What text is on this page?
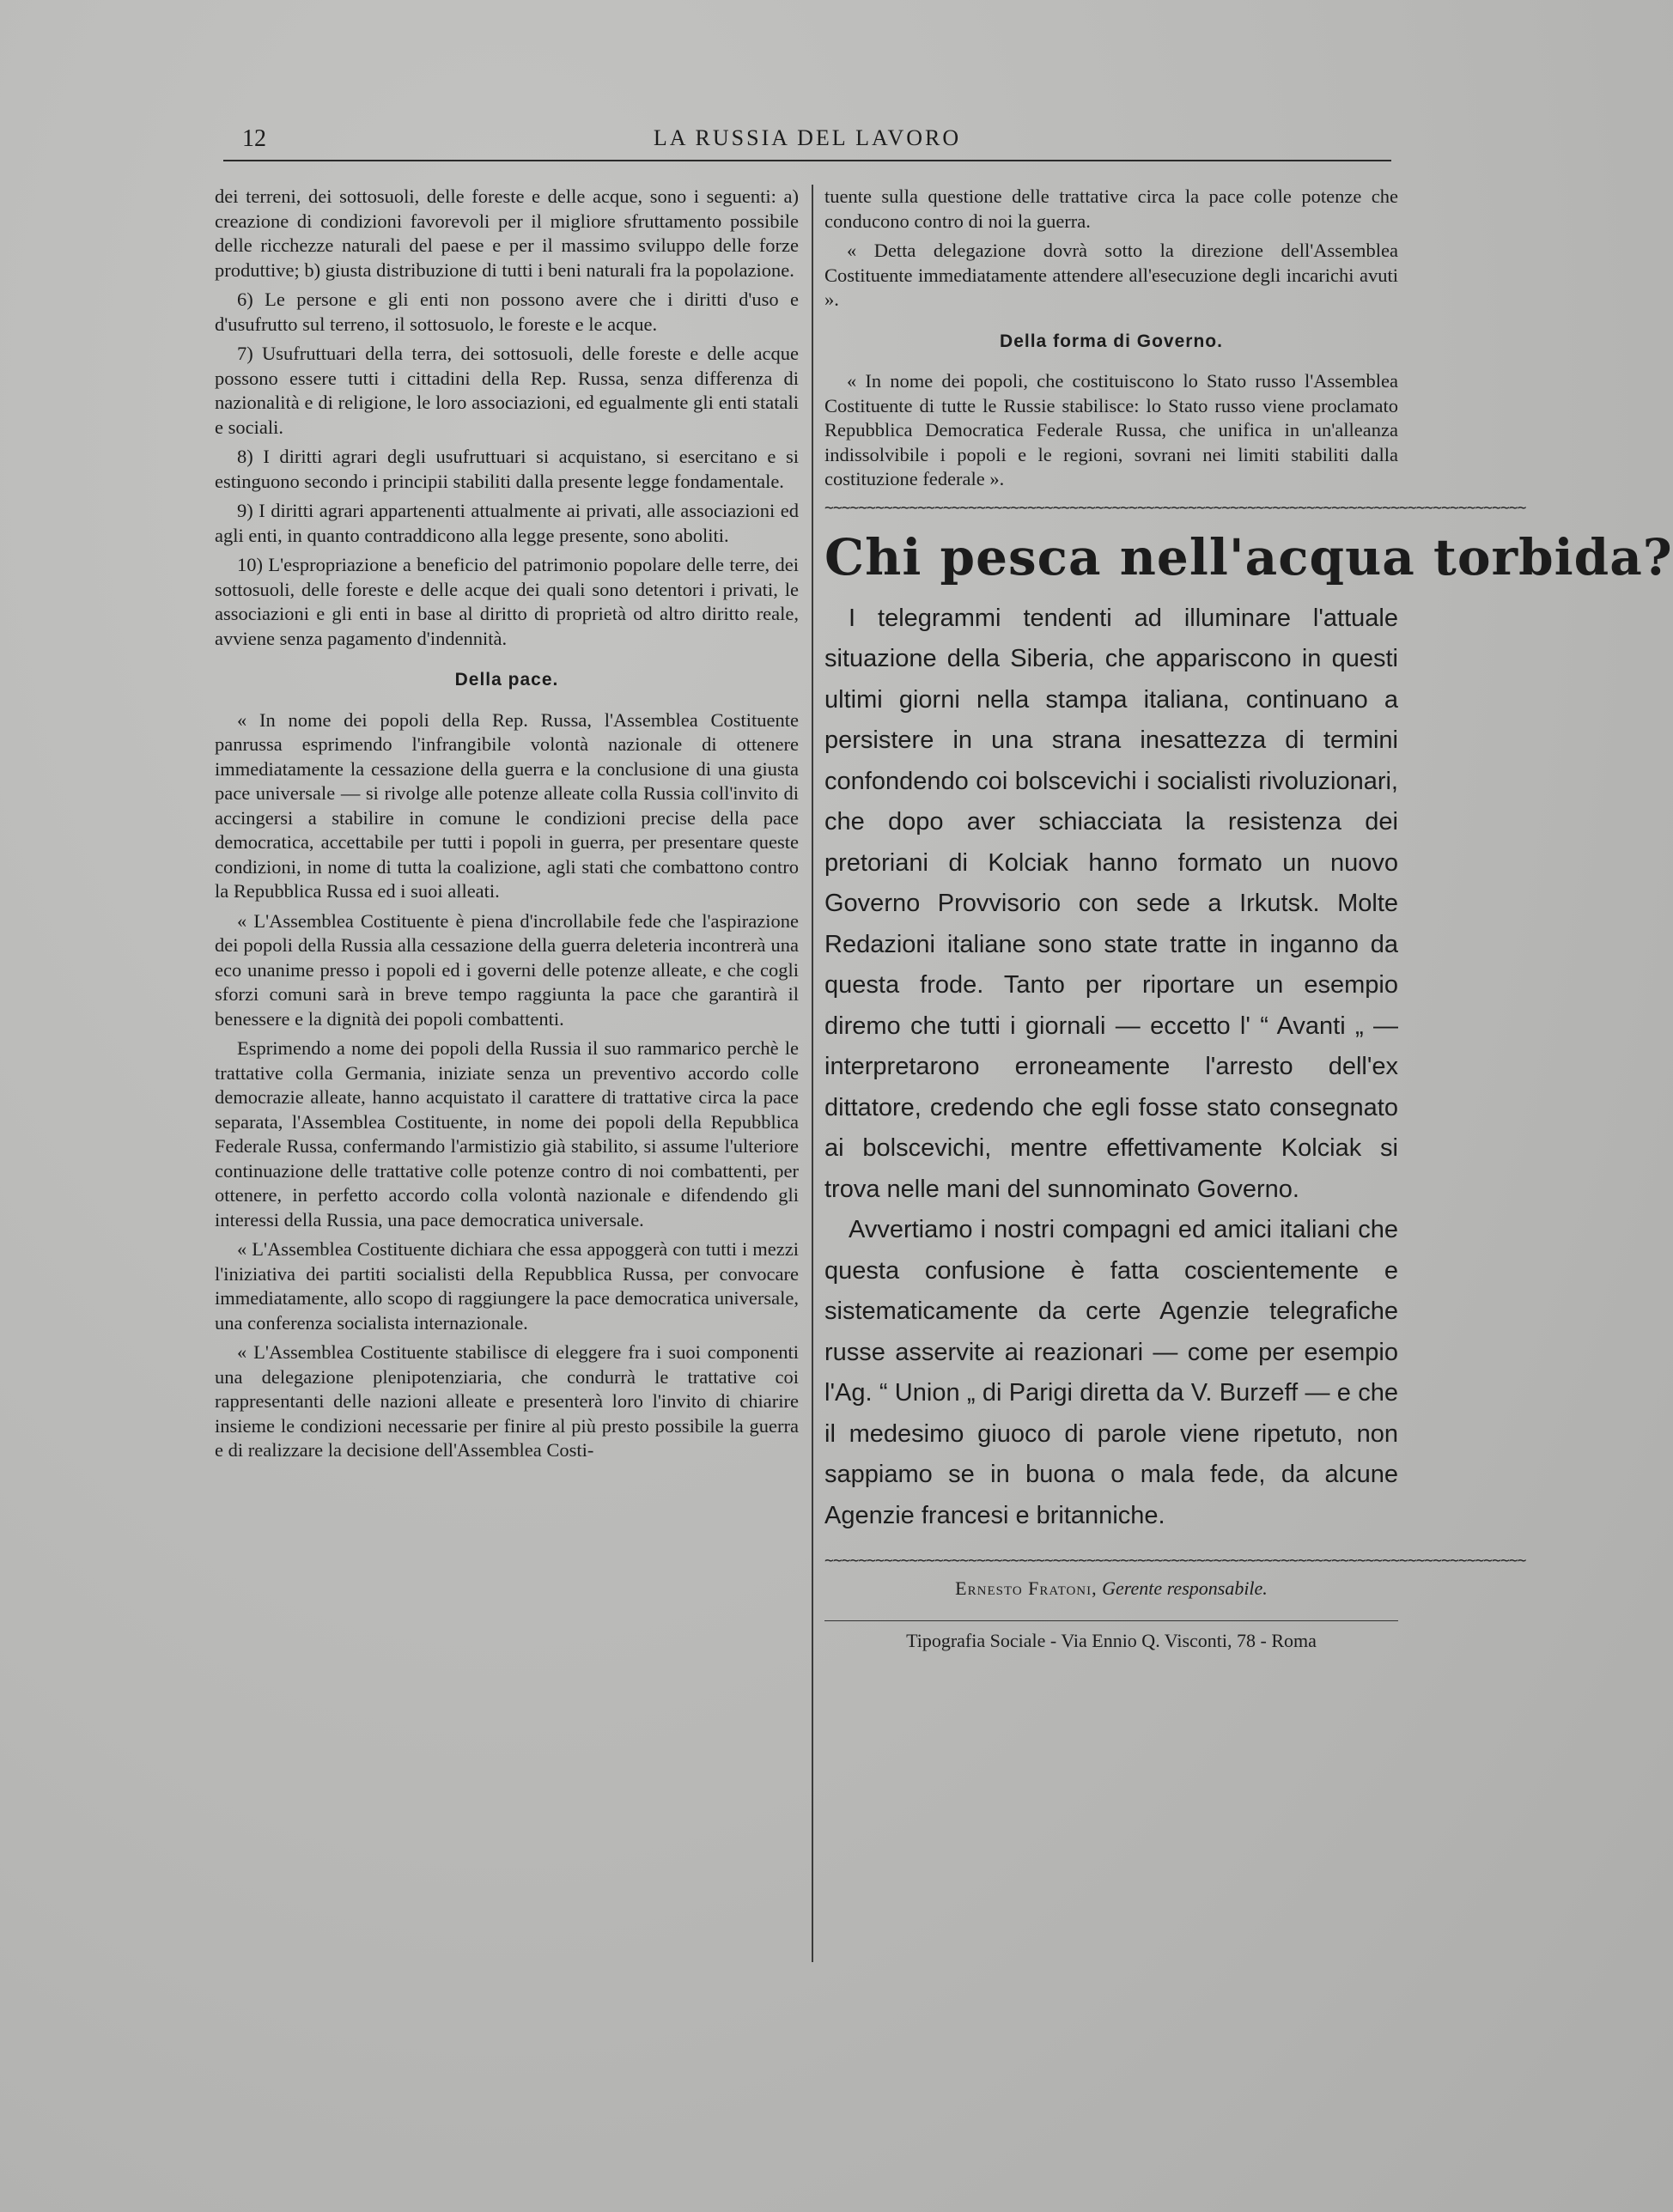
12	LA RUSSIA DEL LAVORO

dei terreni, dei sottosuoli, delle foreste e delle acque, sono i seguenti: a) creazione di condizioni favorevoli per il migliore sfruttamento possibile delle ricchezze naturali del paese e per il massimo sviluppo delle forze produttive; b) giusta distribuzione di tutti i beni naturali fra la popolazione.

6) Le persone e gli enti non possono avere che i diritti d'uso e d'usufrutto sul terreno, il sottosuolo, le foreste e le acque.

7) Usufruttuari della terra, dei sottosuoli, delle foreste e delle acque possono essere tutti i cittadini della Rep. Russa, senza differenza di nazionalità e di religione, le loro associazioni, ed egualmente gli enti statali e sociali.

8) I diritti agrari degli usufruttuari si acquistano, si esercitano e si estinguono secondo i principii stabiliti dalla presente legge fondamentale.

9) I diritti agrari appartenenti attualmente ai privati, alle associazioni ed agli enti, in quanto contraddicono alla legge presente, sono aboliti.

10) L'espropriazione a beneficio del patrimonio popolare delle terre, dei sottosuoli, delle foreste e delle acque dei quali sono detentori i privati, le associazioni e gli enti in base al diritto di proprietà od altro diritto reale, avviene senza pagamento d'indennità.

Della pace.

« In nome dei popoli della Rep. Russa, l'Assemblea Costituente panrussa esprimendo l'infrangibile volontà nazionale di ottenere immediatamente la cessazione della guerra e la conclusione di una giusta pace universale — si rivolge alle potenze alleate colla Russia coll'invito di accingersi a stabilire in comune le condizioni precise della pace democratica, accettabile per tutti i popoli in guerra, per presentare queste condizioni, in nome di tutta la coalizione, agli stati che combattono contro la Repubblica Russa ed i suoi alleati.

« L'Assemblea Costituente è piena d'incrollabile fede che l'aspirazione dei popoli della Russia alla cessazione della guerra deleteria incontrerà una eco unanime presso i popoli ed i governi delle potenze alleate, e che cogli sforzi comuni sarà in breve tempo raggiunta la pace che garantirà il benessere e la dignità dei popoli combattenti.

Esprimendo a nome dei popoli della Russia il suo rammarico perchè le trattative colla Germania, iniziate senza un preventivo accordo colle democrazie alleate, hanno acquistato il carattere di trattative circa la pace separata, l'Assemblea Costituente, in nome dei popoli della Repubblica Federale Russa, confermando l'armistizio già stabilito, si assume l'ulteriore continuazione delle trattative colle potenze contro di noi combattenti, per ottenere, in perfetto accordo colla volontà nazionale e difendendo gli interessi della Russia, una pace democratica universale.

« L'Assemblea Costituente dichiara che essa appoggerà con tutti i mezzi l'iniziativa dei partiti socialisti della Repubblica Russa, per convocare immediatamente, allo scopo di raggiungere la pace democratica universale, una conferenza socialista internazionale.

« L'Assemblea Costituente stabilisce di eleggere fra i suoi componenti una delegazione plenipotenziaria, che condurrà le trattative coi rappresentanti delle nazioni alleate e presenterà loro l'invito di chiarire insieme le condizioni necessarie per finire al più presto possibile la guerra e di realizzare la decisione dell'Assemblea Costi-

tuente sulla questione delle trattative circa la pace colle potenze che conducono contro di noi la guerra.

« Detta delegazione dovrà sotto la direzione dell'Assemblea Costituente immediatamente attendere all'esecuzione degli incarichi avuti ».

Della forma di Governo.

« In nome dei popoli, che costituiscono lo Stato russo l'Assemblea Costituente di tutte le Russie stabilisce: lo Stato russo viene proclamato Repubblica Democratica Federale Russa, che unifica in un'alleanza indissolvibile i popoli e le regioni, sovrani nei limiti stabiliti dalla costituzione federale ».

~~~~~~~~~~~~~~~~~~~~~~~~~~~~~~~~~~~~~~~~~~~~~~~~~~~~~~~~~~~~~~~~~~~~~~~~~~~~~~~~~~~
Chi pesca nell'acqua torbida?

I telegrammi tendenti ad illuminare l'attuale situazione della Siberia, che appariscono in questi ultimi giorni nella stampa italiana, continuano a persistere in una strana inesattezza di termini confondendo coi bolscevichi i socialisti rivoluzionari, che dopo aver schiacciata la resistenza dei pretoriani di Kolciak hanno formato un nuovo Governo Provvisorio con sede a Irkutsk. Molte Redazioni italiane sono state tratte in inganno da questa frode. Tanto per riportare un esempio diremo che tutti i giornali — eccetto l' “ Avanti „ — interpretarono erroneamente l'arresto dell'ex dittatore, credendo che egli fosse stato consegnato ai bolscevichi, mentre effettivamente Kolciak si trova nelle mani del sunnominato Governo.

Avvertiamo i nostri compagni ed amici italiani che questa confusione è fatta coscientemente e sistematicamente da certe Agenzie telegrafiche russe asservite ai reazionari — come per esempio l'Ag. “ Union „ di Parigi diretta da V. Burzeff — e che il medesimo giuoco di parole viene ripetuto, non sappiamo se in buona o mala fede, da alcune Agenzie francesi e britanniche.

~~~~~~~~~~~~~~~~~~~~~~~~~~~~~~~~~~~~~~~~~~~~~~~~~~~~~~~~~~~~~~~~~~~~~~~~~~~~~~~~~~~
Ernesto Fratoni, Gerente responsabile.
Tipografia Sociale - Via Ennio Q. Visconti, 78 - Roma
